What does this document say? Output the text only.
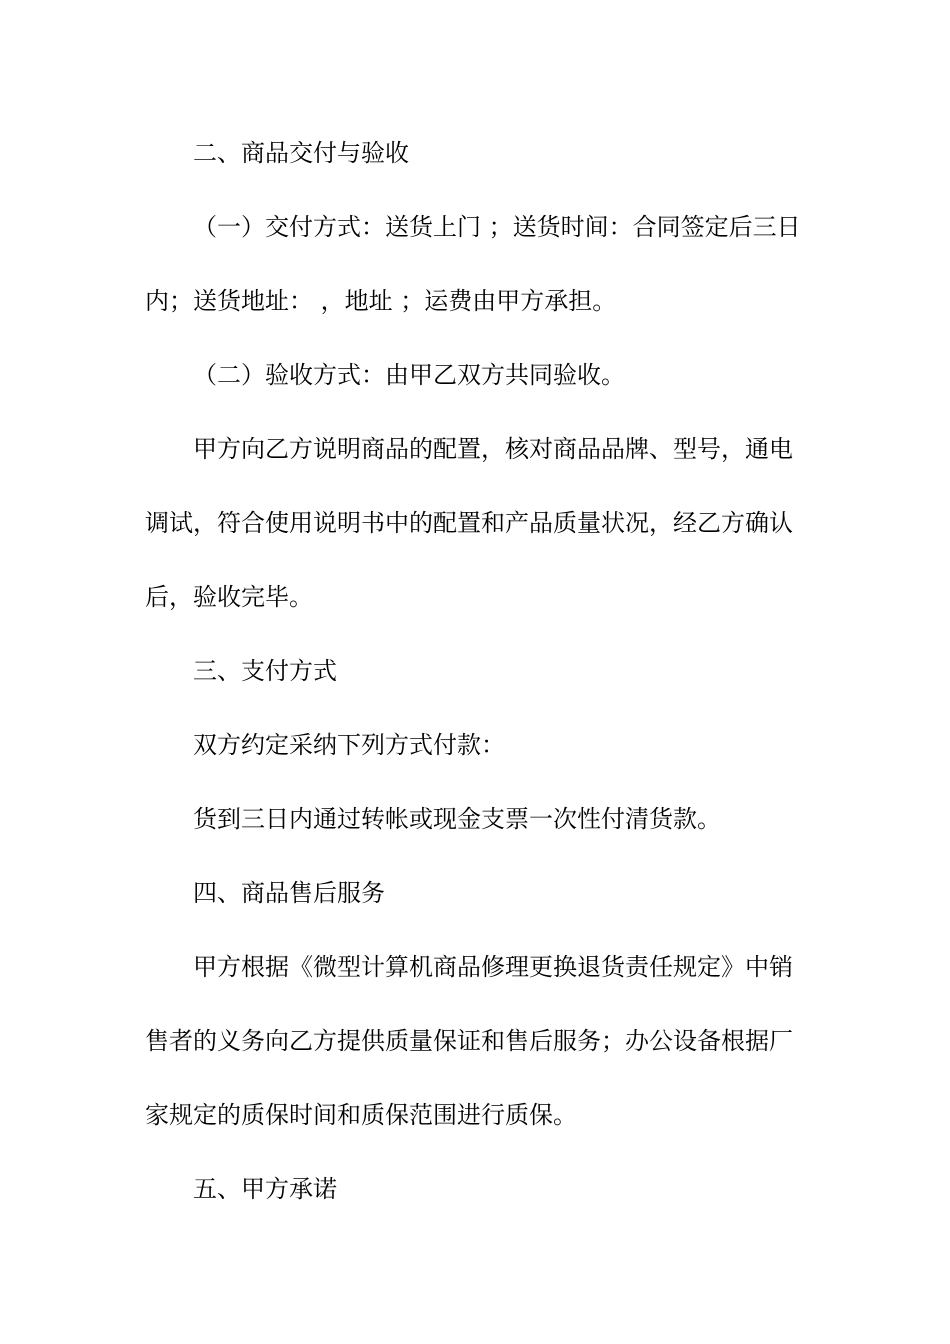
二、商品交付与验收
（一）交付方式：送货上门 ；送货时间：合同签定后三日
内；送货地址： ，地址 ；运费由甲方承担。
（二）验收方式：由甲乙双方共同验收。
甲方向乙方说明商品的配置，核对商品品牌、型号，通电
调试，符合使用说明书中的配置和产品质量状况，经乙方确认
后，验收完毕。
三、支付方式
双方约定采纳下列方式付款：
货到三日内通过转帐或现金支票一次性付清货款。
四、商品售后服务
甲方根据《微型计算机商品修理更换退货责任规定》中销
售者的义务向乙方提供质量保证和售后服务；办公设备根据厂
家规定的质保时间和质保范围进行质保。
五、甲方承诺
